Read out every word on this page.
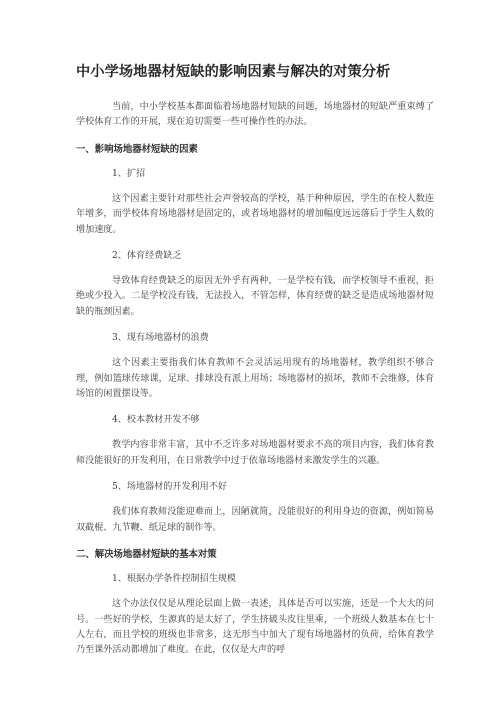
中小学场地器材短缺的影响因素与解决的对策分析

当前，中小学校基本都面临着场地器材短缺的问题，场地器材的短缺严重束缚了学校体育工作的开展，现在迫切需要一些可操作性的办法。

一、影响场地器材短缺的因素
1、扩招

这个因素主要针对那些社会声誉较高的学校，基于种种原因，学生的在校人数连年增多，而学校体育场地器材是固定的，或者场地器材的增加幅度远远落后于学生人数的增加速度。

2、体育经费缺乏

导致体育经费缺乏的原因无外乎有两种，一是学校有钱，而学校领导不重视，拒绝或少投入。二是学校没有钱，无法投入，不管怎样，体育经费的缺乏是造成场地器材短缺的瓶颈因素。

3、现有场地器材的浪费

这个因素主要指我们体育教师不会灵活运用现有的场地器材，教学组织不够合理，例如篮球传球课，足球、排球没有派上用场；场地器材的损坏，教师不会维修，体育场馆的闲置摆设等。

4、校本教材开发不够

教学内容非常丰富，其中不乏许多对场地器材要求不高的项目内容，我们体育教师没能很好的开发利用，在日常教学中过于依靠场地器材来激发学生的兴趣。

5、场地器材的开发利用不好

我们体育教师没能迎难而上，因陋就简，没能很好的利用身边的资源，例如简易双截棍、九节鞭、纸足球的制作等。

二、解决场地器材短缺的基本对策
1、根据办学条件控制招生规模

这个办法仅仅是从理论层面上做一表述，具体是否可以实施，还是一个大大的问号。一些好的学校，生源真的是太好了，学生挤破头皮往里乘，一个班级人数基本在七十人左右，而且学校的班级也非常多，这无形当中加大了现有场地器材的负荷，给体育教学乃至课外活动都增加了难度。在此，仅仅是大声的呼
